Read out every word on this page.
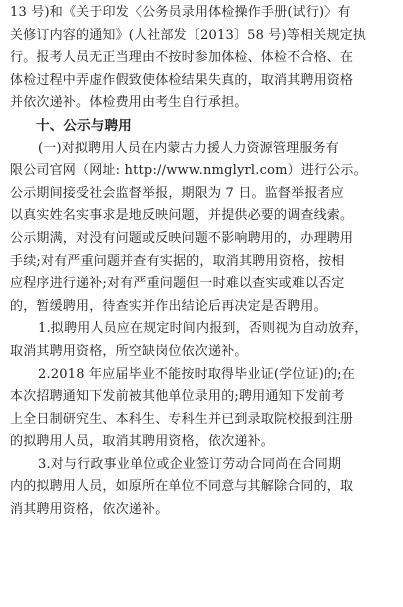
13 号)和《关于印发〈公务员录用体检操作手册(试行)〉有
关修订内容的通知》(人社部发〔2013〕58 号)等相关规定执
行。报考人员无正当理由不按时参加体检、体检不合格、在
体检过程中弄虚作假致使体检结果失真的，取消其聘用资格
并依次递补。体检费用由考生自行承担。
十、公示与聘用
(一)对拟聘用人员在内蒙古力援人力资源管理服务有
限公司官网（网址: http://www.nmglyrl.com）进行公示。
公示期间接受社会监督举报，期限为 7 日。监督举报者应
以真实姓名实事求是地反映问题，并提供必要的调查线索。
公示期满，对没有问题或反映问题不影响聘用的，办理聘用
手续;对有严重问题并查有实据的，取消其聘用资格，按相
应程序进行递补;对有严重问题但一时难以查实或难以否定
的，暂缓聘用，待查实并作出结论后再决定是否聘用。
1.拟聘用人员应在规定时间内报到，否则视为自动放弃，
取消其聘用资格，所空缺岗位依次递补。
2.2018 年应届毕业不能按时取得毕业证(学位证)的;在
本次招聘通知下发前被其他单位录用的;聘用通知下发前考
上全日制研究生、本科生、专科生并已到录取院校报到注册
的拟聘用人员，取消其聘用资格，依次递补。
3.对与行政事业单位或企业签订劳动合同尚在合同期
内的拟聘用人员，如原所在单位不同意与其解除合同的，取
消其聘用资格，依次递补。
